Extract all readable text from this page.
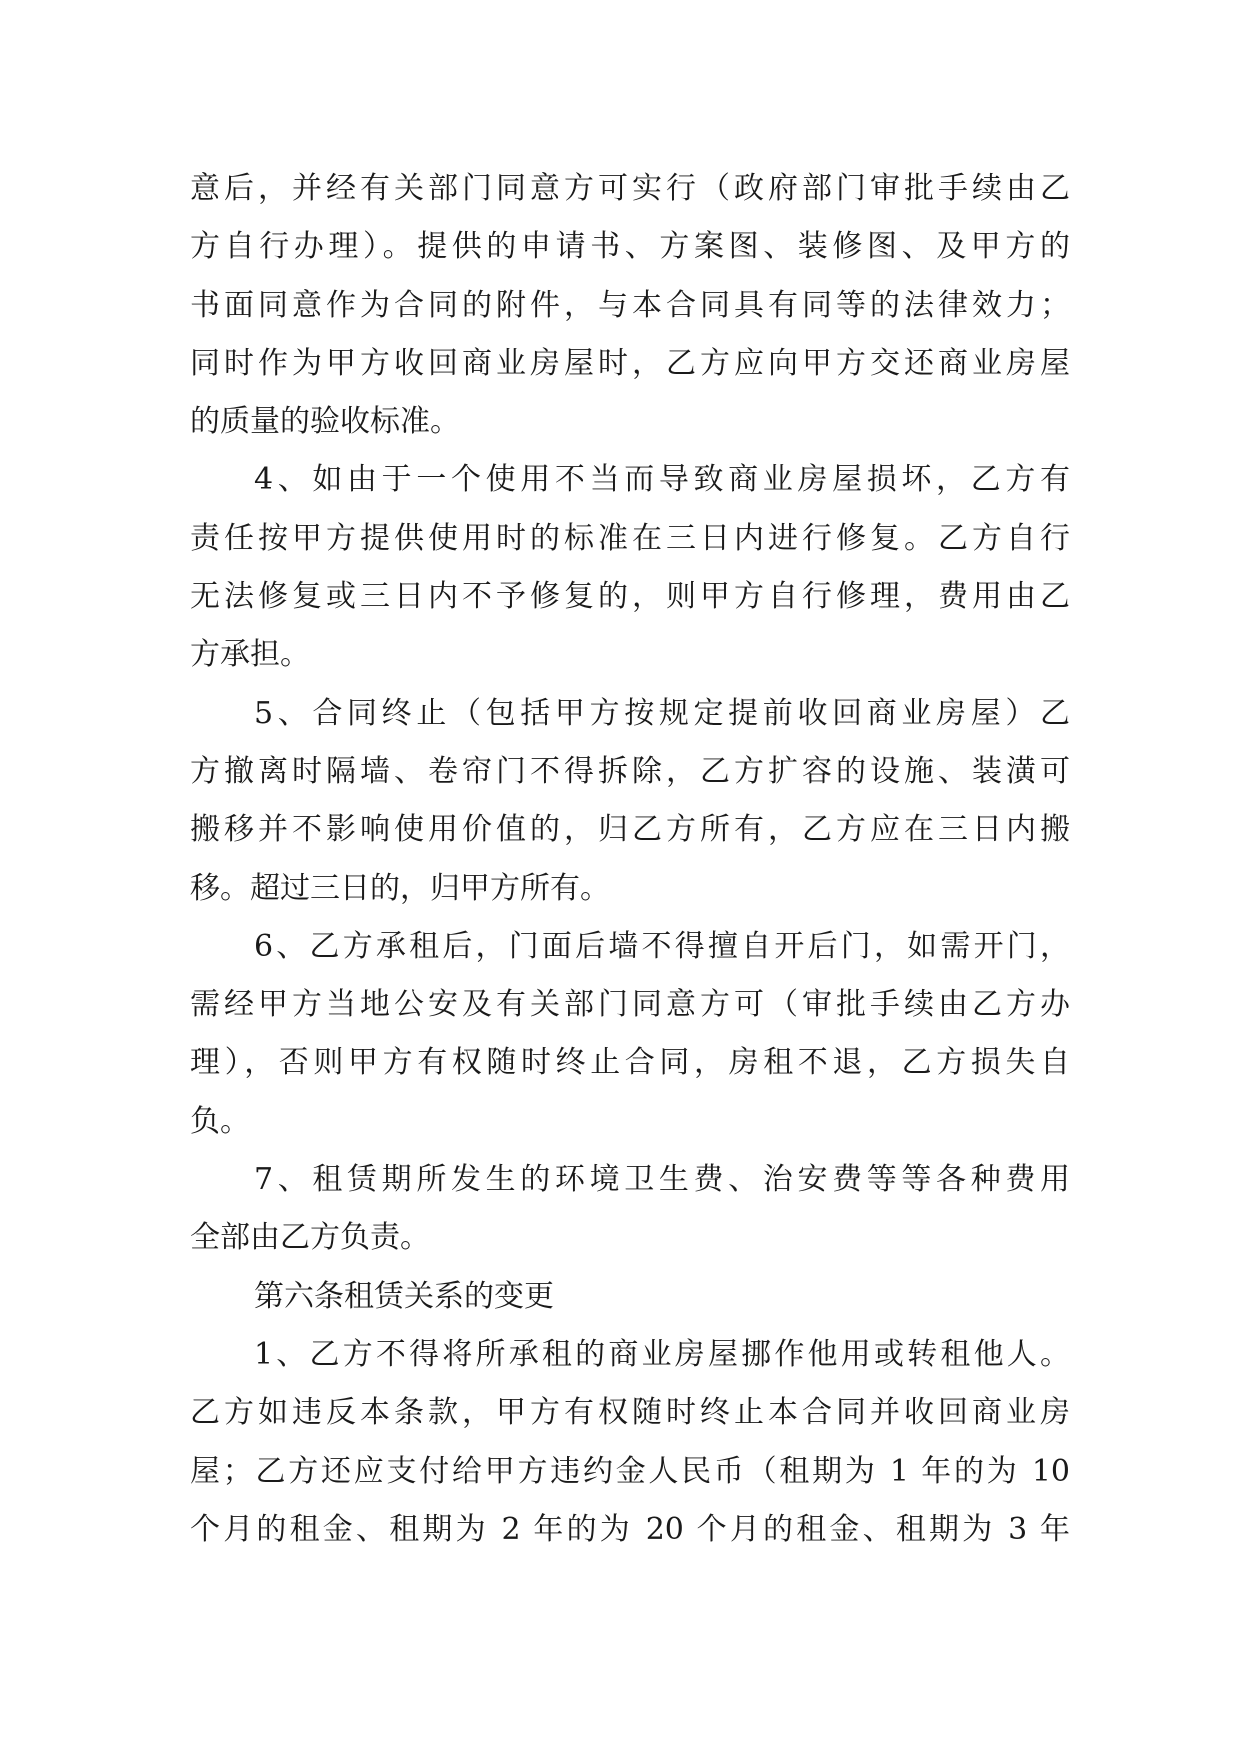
意后，并经有关部门同意方可实行（政府部门审批手续由乙
方自行办理）。提供的申请书、方案图、装修图、及甲方的
书面同意作为合同的附件，与本合同具有同等的法律效力；
同时作为甲方收回商业房屋时，乙方应向甲方交还商业房屋
的质量的验收标准。
4、如由于一个使用不当而导致商业房屋损坏，乙方有
责任按甲方提供使用时的标准在三日内进行修复。乙方自行
无法修复或三日内不予修复的，则甲方自行修理，费用由乙
方承担。
5、合同终止（包括甲方按规定提前收回商业房屋）乙
方撤离时隔墙、卷帘门不得拆除，乙方扩容的设施、装潢可
搬移并不影响使用价值的，归乙方所有，乙方应在三日内搬
移。超过三日的，归甲方所有。
6、乙方承租后，门面后墙不得擅自开后门，如需开门，
需经甲方当地公安及有关部门同意方可（审批手续由乙方办
理），否则甲方有权随时终止合同，房租不退，乙方损失自
负。
7、租赁期所发生的环境卫生费、治安费等等各种费用
全部由乙方负责。
第六条租赁关系的变更
1、乙方不得将所承租的商业房屋挪作他用或转租他人。
乙方如违反本条款，甲方有权随时终止本合同并收回商业房
屋；乙方还应支付给甲方违约金人民币（租期为 1 年的为 10
个月的租金、租期为 2 年的为 20 个月的租金、租期为 3 年
